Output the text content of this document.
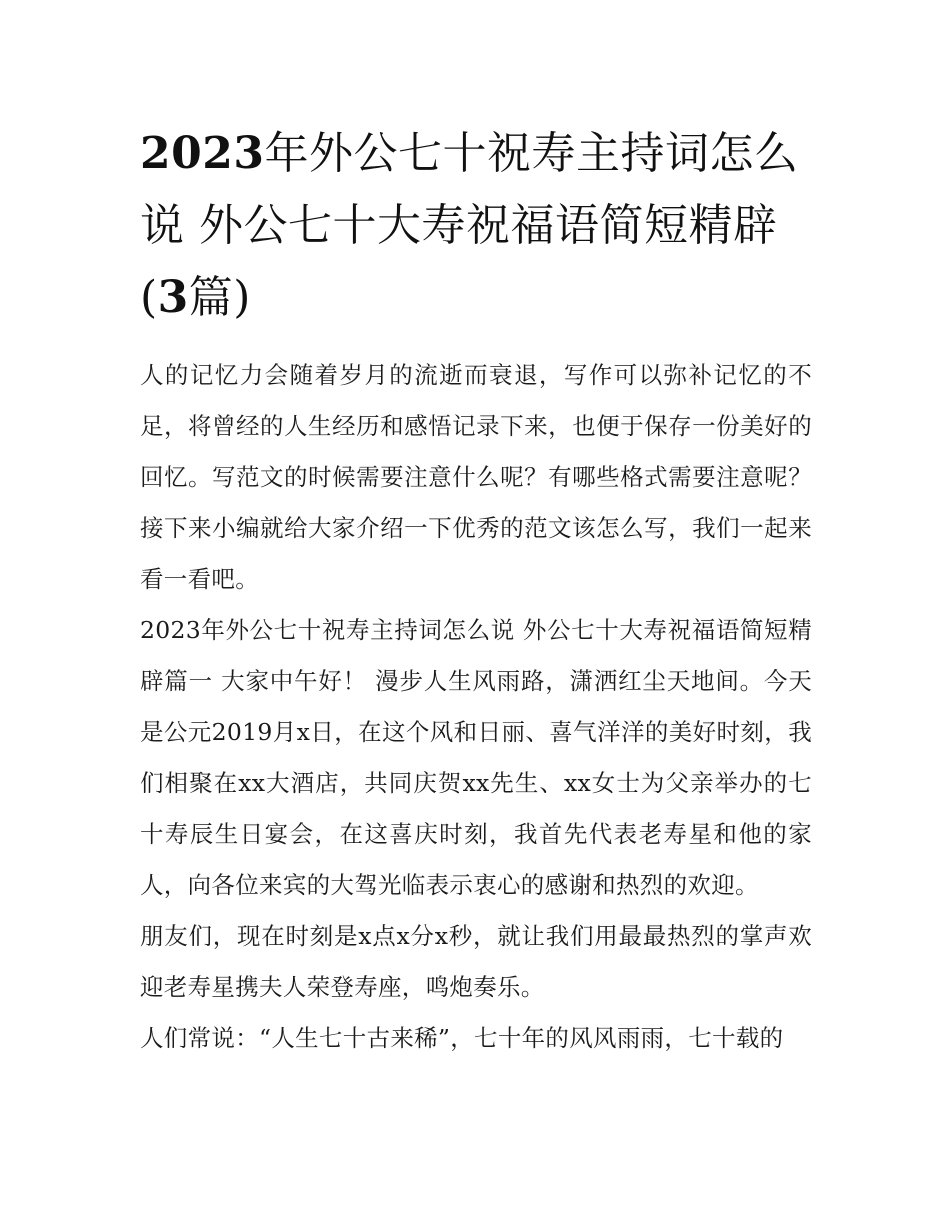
2023年外公七十祝寿主持词怎么说 外公七十大寿祝福语简短精辟(3篇)

人的记忆力会随着岁月的流逝而衰退，写作可以弥补记忆的不足，将曾经的人生经历和感悟记录下来，也便于保存一份美好的回忆。写范文的时候需要注意什么呢？有哪些格式需要注意呢？接下来小编就给大家介绍一下优秀的范文该怎么写，我们一起来看一看吧。

2023年外公七十祝寿主持词怎么说 外公七十大寿祝福语简短精辟篇一 大家中午好！ 漫步人生风雨路，潇洒红尘天地间。今天是公元2019月x日，在这个风和日丽、喜气洋洋的美好时刻，我们相聚在xx大酒店，共同庆贺xx先生、xx女士为父亲举办的七十寿辰生日宴会，在这喜庆时刻，我首先代表老寿星和他的家人，向各位来宾的大驾光临表示衷心的感谢和热烈的欢迎。

朋友们，现在时刻是x点x分x秒，就让我们用最最热烈的掌声欢迎老寿星携夫人荣登寿座，鸣炮奏乐。

人们常说：“人生七十古来稀”，七十年的风风雨雨，七十载的
